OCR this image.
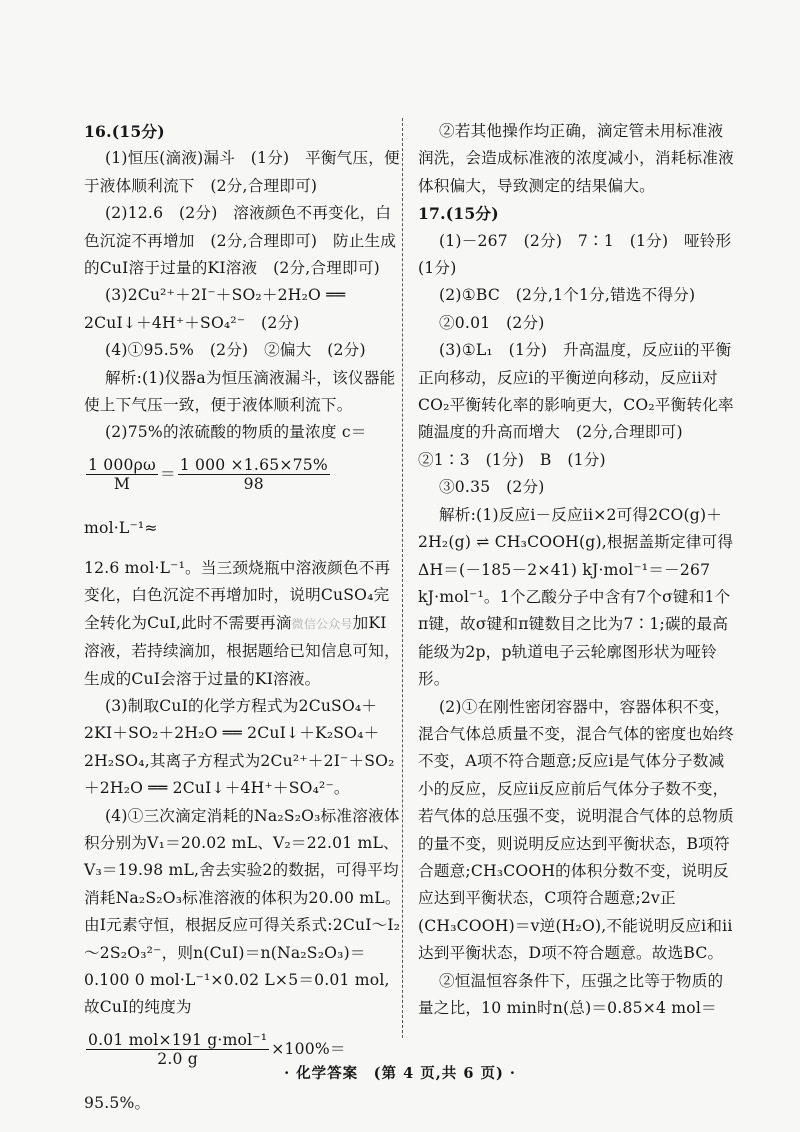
16.(15分)

(1)恒压(滴液)漏斗　(1分)　平衡气压，便于液体顺利流下　(2分,合理即可)

(2)12.6　(2分)　溶液颜色不再变化，白色沉淀不再增加　(2分,合理即可)　防止生成的CuI溶于过量的KI溶液　(2分,合理即可)

(3)2Cu²⁺＋2I⁻＋SO₂＋2H₂O ══ 2CuI↓＋4H⁺＋SO₄²⁻　(2分)

(4)①95.5%　(2分)　②偏大　(2分)

解析:(1)仪器a为恒压滴液漏斗，该仪器能使上下气压一致，便于液体顺利流下。

(2)75%的浓硫酸的物质的量浓度 c＝

$\frac{1 000\rho\omega}{M} = \frac{1 000 \times 1.65\times 75\%}{98}$
mol·L⁻¹≈

12.6 mol·L⁻¹。当三颈烧瓶中溶液颜色不再变化，白色沉淀不再增加时，说明CuSO₄完全转化为CuI,此时不需要再滴微信公众号加KI溶液，若持续滴加，根据题给已知信息可知，生成的CuI会溶于过量的KI溶液。

(3)制取CuI的化学方程式为2CuSO₄＋2KI＋SO₂＋2H₂O ══ 2CuI↓＋K₂SO₄＋2H₂SO₄,其离子方程式为2Cu²⁺＋2I⁻＋SO₂＋2H₂O ══ 2CuI↓＋4H⁺＋SO₄²⁻。

(4)①三次滴定消耗的Na₂S₂O₃标准溶液体积分别为V₁＝20.02 mL、V₂＝22.01 mL、V₃＝19.98 mL,舍去实验2的数据，可得平均消耗Na₂S₂O₃标准溶液的体积为20.00 mL。由I元素守恒，根据反应可得关系式:2CuI～I₂～2S₂O₃²⁻，则n(CuI)＝n(Na₂S₂O₃)＝0.100 0 mol·L⁻¹×0.02 L×5＝0.01 mol,故CuI的纯度为

$\frac{\text{0.01 mol×191 g·mol⁻¹}}{2.0 g} \times 100\%=95.5\%$。

②若其他操作均正确，滴定管未用标准液润洗，会造成标准液的浓度减小，消耗标准液体积偏大，导致测定的结果偏大。

17.(15分)

(1)－267　(2分)　7∶1　(1分)　哑铃形　(1分)

(2)①BC　(2分,1个1分,错选不得分)

②0.01　(2分)

(3)①L₁　(1分)　升高温度，反应ii的平衡正向移动，反应i的平衡逆向移动，反应ii对CO₂平衡转化率的影响更大，CO₂平衡转化率随温度的升高而增大　(2分,合理即可)　②1∶3　(1分)　B　(1分)

③0.35　(2分)

解析:(1)反应i－反应ii×2可得2CO(g)＋2H₂(g) ⇌ CH₃COOH(g),根据盖斯定律可得ΔH＝(－185－2×41) kJ·mol⁻¹＝－267 kJ·mol⁻¹。1个乙酸分子中含有7个σ键和1个π键，故σ键和π键数目之比为7∶1;碳的最高能级为2p，p轨道电子云轮廓图形状为哑铃形。

(2)①在刚性密闭容器中，容器体积不变，混合气体总质量不变，混合气体的密度也始终不变，A项不符合题意;反应i是气体分子数减小的反应，反应ii反应前后气体分子数不变，若气体的总压强不变，说明混合气体的总物质的量不变，则说明反应达到平衡状态，B项符合题意;CH₃COOH的体积分数不变，说明反应达到平衡状态，C项符合题意;2v正(CH₃COOH)＝v逆(H₂O),不能说明反应i和ii达到平衡状态，D项不符合题意。故选BC。

②恒温恒容条件下，压强之比等于物质的量之比，10 min时n(总)＝0.85×4 mol＝

· 化学答案　(第 4 页,共 6 页) ·
